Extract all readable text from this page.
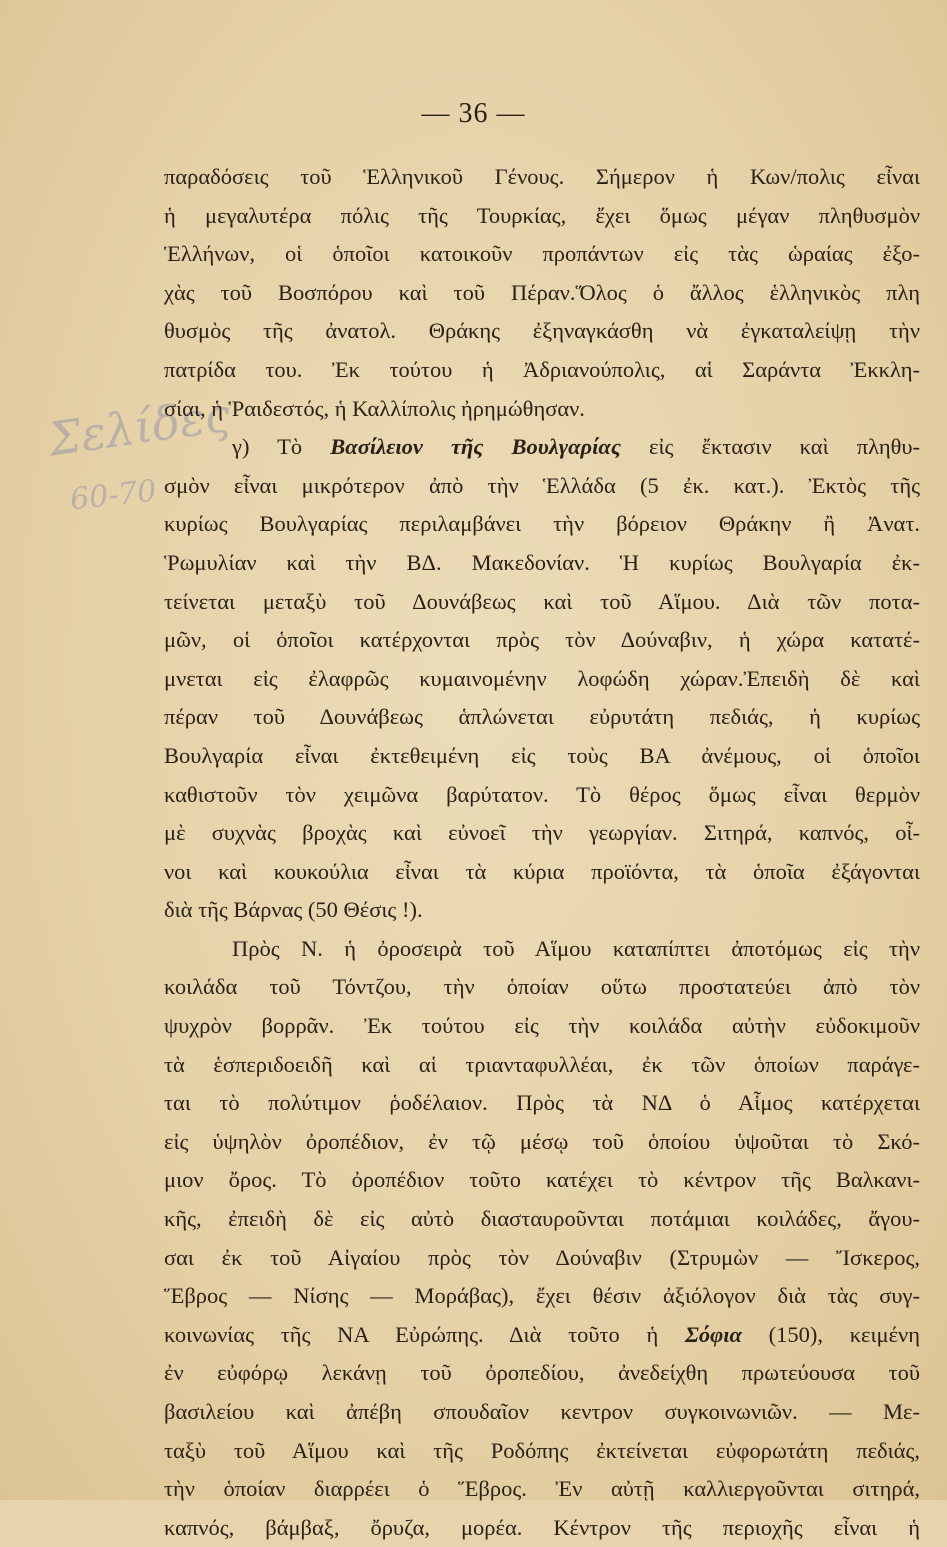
— 36 —
Σελίδες
60-70
παραδόσεις τοῦ Ἑλληνικοῦ Γένους. Σήμερον ἡ Κων/πολις εἶναι
ἡ μεγαλυτέρα πόλις τῆς Τουρκίας, ἔχει ὅμως μέγαν πληθυσμὸν
Ἑλλήνων, οἱ ὁποῖοι κατοικοῦν προπάντων εἰς τὰς ὡραίας ἐξο-
χὰς τοῦ Βοσπόρου καὶ τοῦ Πέραν.Ὅλος ὁ ἄλλος ἑλληνικὸς πλη
θυσμὸς τῆς ἀνατολ. Θράκης ἐξηναγκάσθη νὰ ἐγκαταλείψῃ τὴν
πατρίδα του. Ἐκ τούτου ἡ Ἀδριανούπολις, αἱ Σαράντα Ἐκκλη-
σίαι, ἡ Ῥαιδεστός, ἡ Καλλίπολις ἠρημώθησαν.
γ) Τὸ Βασίλειον τῆς Βουλγαρίας εἰς ἔκτασιν καὶ πληθυ-
σμὸν εἶναι μικρότερον ἀπὸ τὴν Ἑλλάδα (5 ἐκ. κατ.). Ἐκτὸς τῆς
κυρίως Βουλγαρίας περιλαμβάνει τὴν βόρειον Θράκην ἢ Ἀνατ.
Ῥωμυλίαν καὶ τὴν ΒΔ. Μακεδονίαν. Ἡ κυρίως Βουλγαρία ἐκ-
τείνεται μεταξὺ τοῦ Δουνάβεως καὶ τοῦ Αἵμου. Διὰ τῶν ποτα-
μῶν, οἱ ὁποῖοι κατέρχονται πρὸς τὸν Δούναβιν, ἡ χώρα κατατέ-
μνεται εἰς ἐλαφρῶς κυμαινομένην λοφώδη χώραν.Ἐπειδὴ δὲ καὶ
πέραν τοῦ Δουνάβεως ἁπλώνεται εὐρυτάτη πεδιάς, ἡ κυρίως
Βουλγαρία εἶναι ἐκτεθειμένη εἰς τοὺς ΒΑ ἀνέμους, οἱ ὁποῖοι
καθιστοῦν τὸν χειμῶνα βαρύτατον. Τὸ θέρος ὅμως εἶναι θερμὸν
μὲ συχνὰς βροχὰς καὶ εὐνοεῖ τὴν γεωργίαν. Σιτηρά, καπνός, οἶ-
νοι καὶ κουκούλια εἶναι τὰ κύρια προϊόντα, τὰ ὁποῖα ἐξάγονται
διὰ τῆς Βάρνας (50 Θέσις !).
Πρὸς Ν. ἡ ὀροσειρὰ τοῦ Αἵμου καταπίπτει ἀποτόμως εἰς τὴν
κοιλάδα τοῦ Τόντζου, τὴν ὁποίαν οὕτω προστατεύει ἀπὸ τὸν
ψυχρὸν βορρᾶν. Ἐκ τούτου εἰς τὴν κοιλάδα αὐτὴν εὐδοκιμοῦν
τὰ ἑσπεριδοειδῆ καὶ αἱ τριανταφυλλέαι, ἐκ τῶν ὁποίων παράγε-
ται τὸ πολύτιμον ῥοδέλαιον. Πρὸς τὰ ΝΔ ὁ Αἷμος κατέρχεται
εἰς ὑψηλὸν ὀροπέδιον, ἐν τῷ μέσῳ τοῦ ὁποίου ὑψοῦται τὸ Σκό-
μιον ὄρος. Τὸ ὀροπέδιον τοῦτο κατέχει τὸ κέντρον τῆς Βαλκανι-
κῆς, ἐπειδὴ δὲ εἰς αὐτὸ διασταυροῦνται ποτάμιαι κοιλάδες, ἄγου-
σαι ἐκ τοῦ Αἰγαίου πρὸς τὸν Δούναβιν (Στρυμὼν — Ἴσκερος,
Ἕβρος — Νίσης — Μοράβας), ἔχει θέσιν ἀξιόλογον διὰ τὰς συγ-
κοινωνίας τῆς ΝΑ Εὐρώπης. Διὰ τοῦτο ἡ Σόφια (150), κειμένη
ἐν εὐφόρῳ λεκάνῃ τοῦ ὀροπεδίου, ἀνεδείχθη πρωτεύουσα τοῦ
βασιλείου καὶ ἀπέβη σπουδαῖον κεντρον συγκοινωνιῶν. — Με-
ταξὺ τοῦ Αἵμου καὶ τῆς Ροδόπης ἐκτείνεται εὐφορωτάτη πεδιάς,
τὴν ὁποίαν διαρρέει ὁ Ἕβρος. Ἐν αὐτῇ καλλιεργοῦνται σιτηρά,
καπνός, βάμβαξ, ὄρυζα, μορέα. Κέντρον τῆς περιοχῆς εἶναι ἡ
